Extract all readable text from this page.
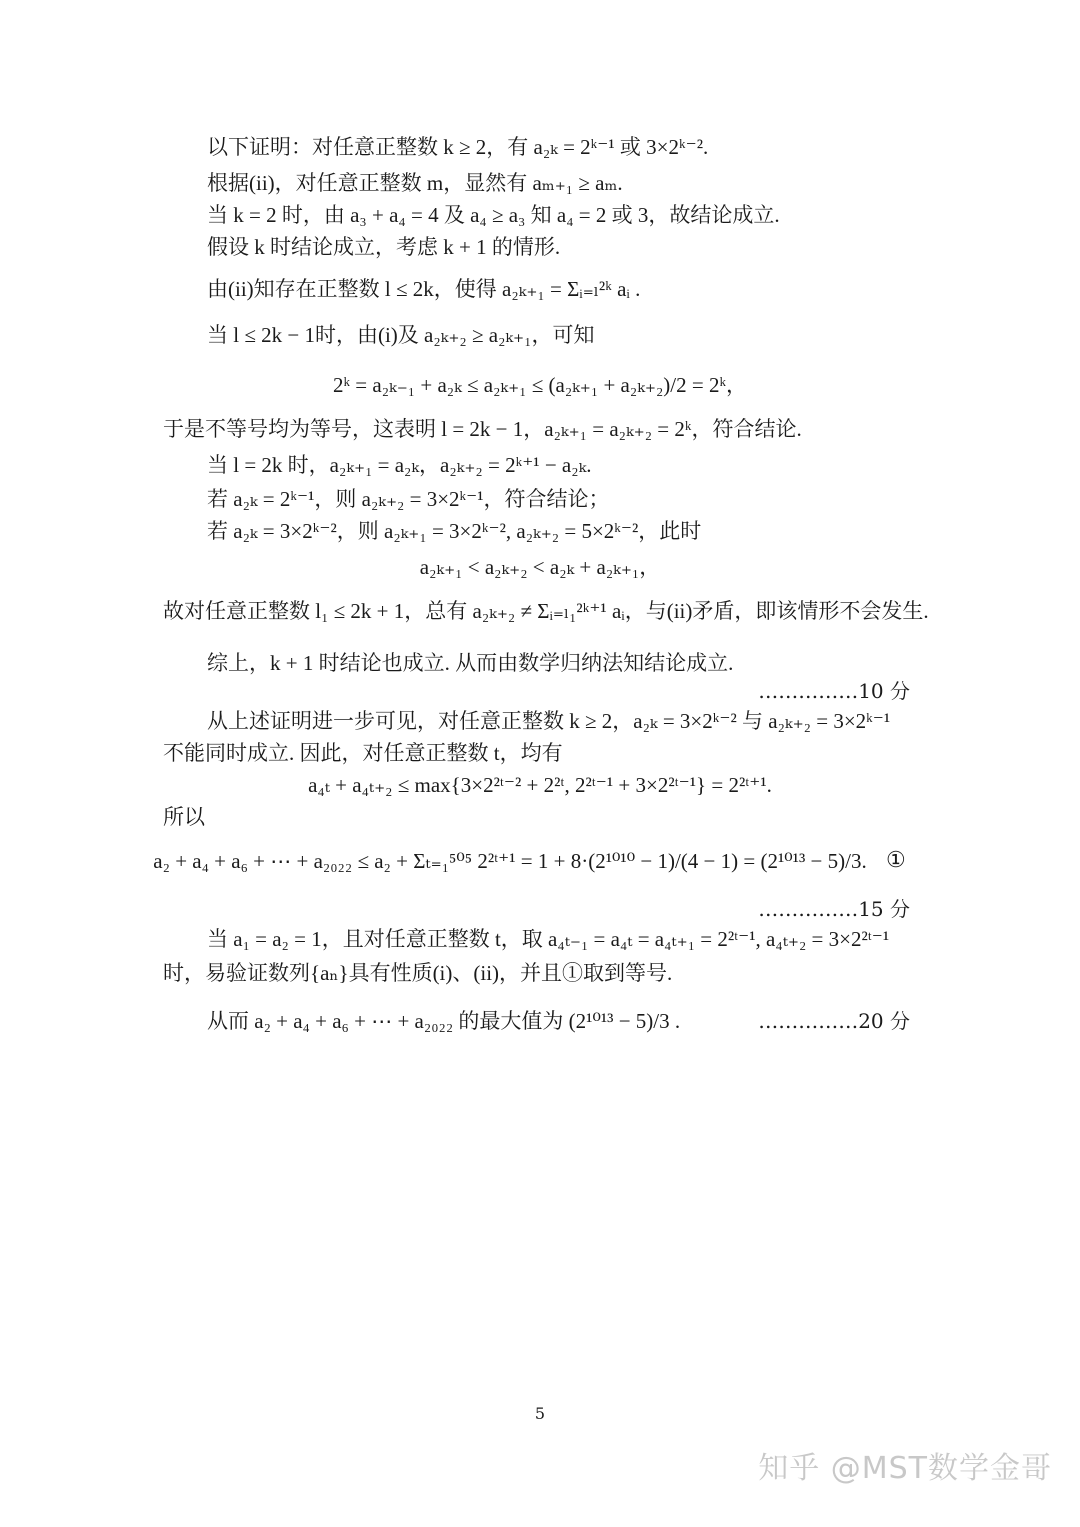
以下证明：对任意正整数 k ≥ 2，有 a₂ₖ = 2ᵏ⁻¹ 或 3×2ᵏ⁻².
根据(ii)，对任意正整数 m，显然有 aₘ₊₁ ≥ aₘ.
当 k = 2 时，由 a₃ + a₄ = 4 及 a₄ ≥ a₃ 知 a₄ = 2 或 3，故结论成立.
假设 k 时结论成立，考虑 k + 1 的情形.
由(ii)知存在正整数 l ≤ 2k，使得 a₂ₖ₊₁ = Σᵢ₌ₗ²ᵏ aᵢ .
当 l ≤ 2k − 1时，由(i)及 a₂ₖ₊₂ ≥ a₂ₖ₊₁，可知
2ᵏ = a₂ₖ₋₁ + a₂ₖ ≤ a₂ₖ₊₁ ≤ (a₂ₖ₊₁ + a₂ₖ₊₂)/2 = 2ᵏ，
于是不等号均为等号，这表明 l = 2k − 1，a₂ₖ₊₁ = a₂ₖ₊₂ = 2ᵏ，符合结论.
当 l = 2k 时，a₂ₖ₊₁ = a₂ₖ，a₂ₖ₊₂ = 2ᵏ⁺¹ − a₂ₖ.
若 a₂ₖ = 2ᵏ⁻¹，则 a₂ₖ₊₂ = 3×2ᵏ⁻¹，符合结论；
若 a₂ₖ = 3×2ᵏ⁻²，则 a₂ₖ₊₁ = 3×2ᵏ⁻², a₂ₖ₊₂ = 5×2ᵏ⁻²，此时
a₂ₖ₊₁ < a₂ₖ₊₂ < a₂ₖ + a₂ₖ₊₁，
故对任意正整数 l₁ ≤ 2k + 1，总有 a₂ₖ₊₂ ≠ Σᵢ₌ₗ₁²ᵏ⁺¹ aᵢ，与(ii)矛盾，即该情形不会发生.
综上，k + 1 时结论也成立. 从而由数学归纳法知结论成立.
……………10 分
从上述证明进一步可见，对任意正整数 k ≥ 2，a₂ₖ = 3×2ᵏ⁻² 与 a₂ₖ₊₂ = 3×2ᵏ⁻¹
不能同时成立. 因此，对任意正整数 t，均有
a₄ₜ + a₄ₜ₊₂ ≤ max{3×2²ᵗ⁻² + 2²ᵗ, 2²ᵗ⁻¹ + 3×2²ᵗ⁻¹} = 2²ᵗ⁺¹.
所以
a₂ + a₄ + a₆ + ⋯ + a₂₀₂₂ ≤ a₂ + Σₜ₌₁⁵⁰⁵ 2²ᵗ⁺¹ = 1 + 8·(2¹⁰¹⁰ − 1)/(4 − 1) = (2¹⁰¹³ − 5)/3. ①
……………15 分
当 a₁ = a₂ = 1，且对任意正整数 t，取 a₄ₜ₋₁ = a₄ₜ = a₄ₜ₊₁ = 2²ᵗ⁻¹, a₄ₜ₊₂ = 3×2²ᵗ⁻¹
时，易验证数列{aₙ}具有性质(i)、(ii)，并且①取到等号.
从而 a₂ + a₄ + a₆ + ⋯ + a₂₀₂₂ 的最大值为 (2¹⁰¹³ − 5)/3 .	……………20 分
5
知乎 @MST数学金哥
